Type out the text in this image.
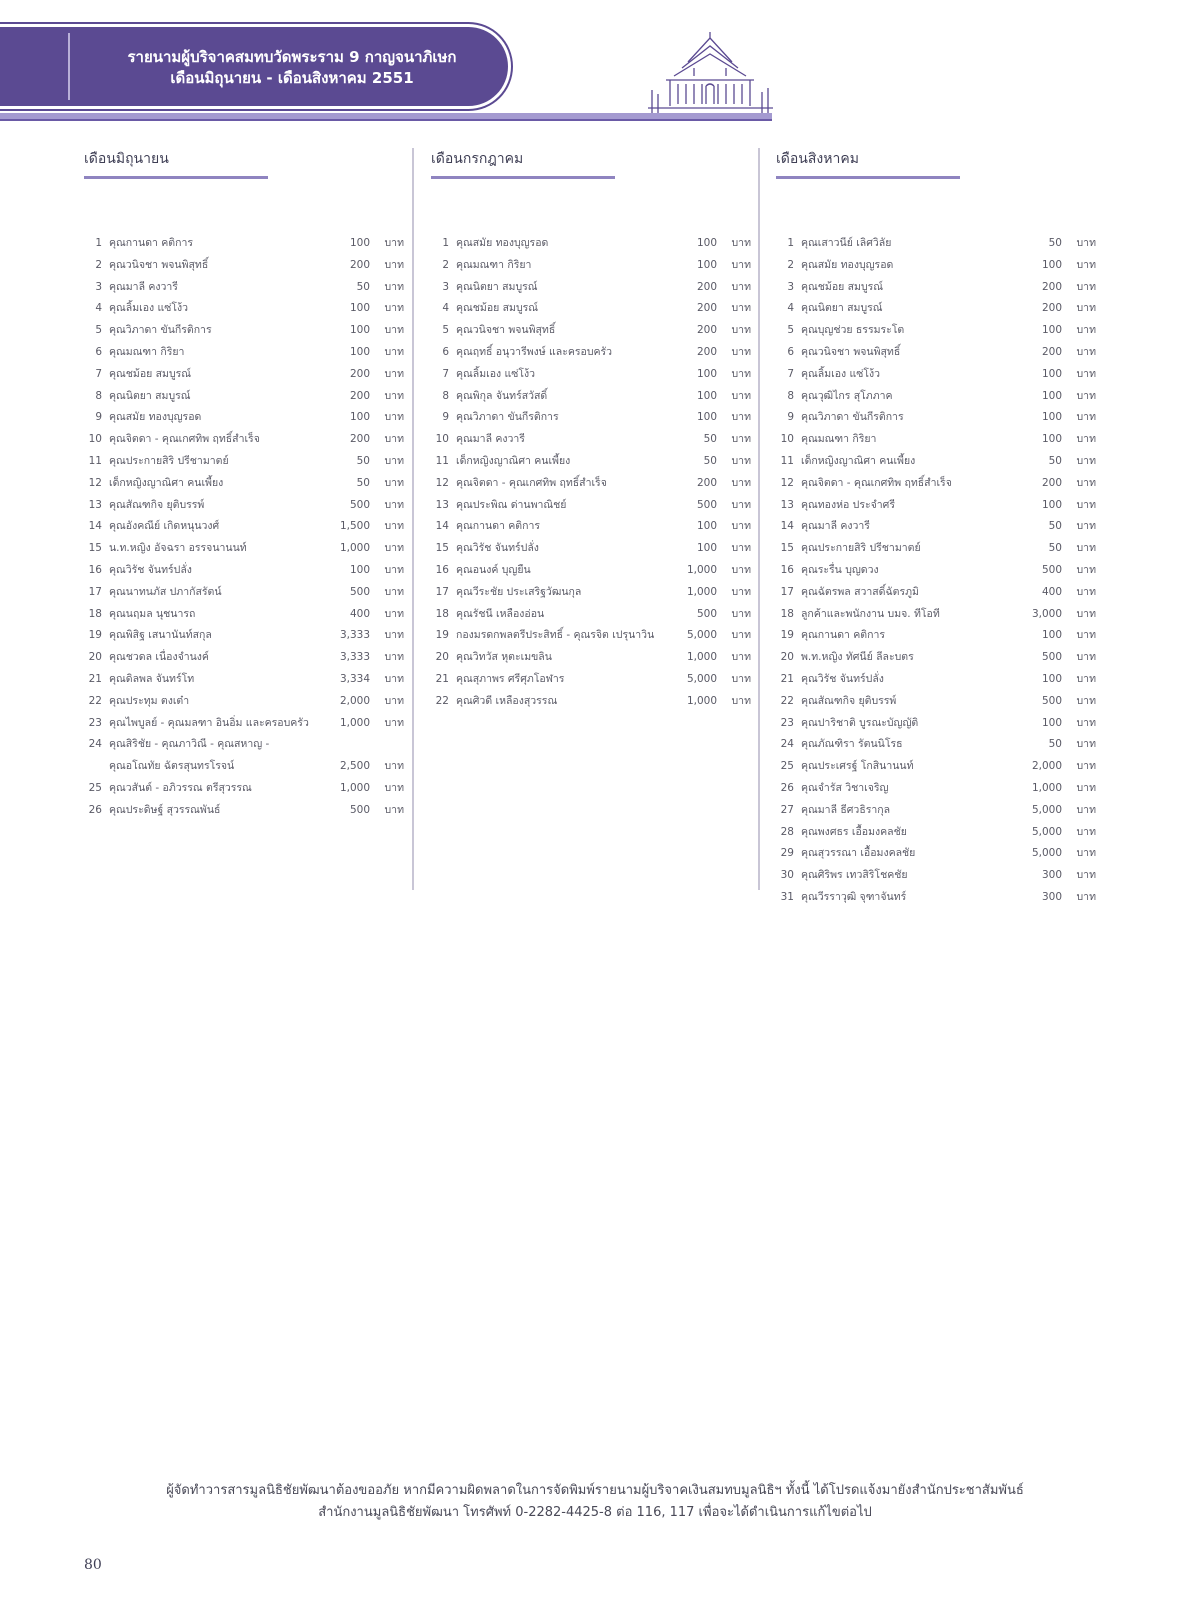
รายนามผู้บริจาคสมทบวัดพระราม 9 กาญจนาภิเษก
เดือนมิถุนายน - เดือนสิงหาคม 2551
เดือนมิถุนายน
1 คุณกานดา คติการ	100	บาท
2 คุณวนิจชา พจนพิสุทธิ์	200	บาท
3 คุณมาลี คงวารี	50	บาท
4 คุณลิ้มเอง แซ่โง้ว	100	บาท
5 คุณวิภาดา ขันกีรติการ	100	บาท
6 คุณมณฑา กิริยา	100	บาท
7 คุณชม้อย สมบูรณ์	200	บาท
8 คุณนิตยา สมบูรณ์	200	บาท
9 คุณสมัย ทองบุญรอด	100	บาท
10 คุณจิตดา - คุณเกศทิพ ฤทธิ์สำเร็จ	200	บาท
11 คุณประกายสิริ ปรีชามาตย์	50	บาท
12 เด็กหญิงญาณิศา คนเพี้ยง	50	บาท
13 คุณสัณฑกิจ ยุติบรรพ์	500	บาท
14 คุณอังคณีย์ เกิดหนุนวงศ์	1,500	บาท
15 น.ท.หญิง อัจฉรา อรรจนานนท์	1,000	บาท
16 คุณวิรัช จันทร์ปลั่ง	100	บาท
17 คุณนาทนภัส ปภากัสรัตน์	500	บาท
18 คุณนฤมล นุชนารถ	400	บาท
19 คุณพิสิฐ เสนานันท์สกุล	3,333	บาท
20 คุณชวดล เนื่องจำนงค์	3,333	บาท
21 คุณดิลพล จันทร์โท	3,334	บาท
22 คุณประทุม ตงเต๋า	2,000	บาท
23 คุณไพบูลย์ - คุณมลฑา อินอิ่ม และครอบครัว	1,000	บาท
24 คุณสิริชัย - คุณภาวิณี - คุณสหาญ -
คุณอโณทัย ฉัตรสุนทรโรจน์	2,500	บาท
25 คุณวสันต์ - อภิวรรณ ตรีสุวรรณ	1,000	บาท
26 คุณประดิษฐ์ สุวรรณพันธ์	500	บาท
เดือนกรกฎาคม
1 คุณสมัย ทองบุญรอด	100	บาท
2 คุณมณฑา กิริยา	100	บาท
3 คุณนิตยา สมบูรณ์	200	บาท
4 คุณชม้อย สมบูรณ์	200	บาท
5 คุณวนิจชา พจนพิสุทธิ์	200	บาท
6 คุณฤทธิ์ อนุวารีพงษ์ และครอบครัว	200	บาท
7 คุณลิ้มเอง แซ่โง้ว	100	บาท
8 คุณพิกุล จันทร์สวัสดิ์	100	บาท
9 คุณวิภาดา ขันกีรติการ	100	บาท
10 คุณมาลี คงวารี	50	บาท
11 เด็กหญิงญาณิศา คนเพี้ยง	50	บาท
12 คุณจิตดา - คุณเกศทิพ ฤทธิ์สำเร็จ	200	บาท
13 คุณประพิณ ด่านพาณิชย์	500	บาท
14 คุณกานดา คติการ	100	บาท
15 คุณวิรัช จันทร์ปลั่ง	100	บาท
16 คุณอนงค์ บุญยืน	1,000	บาท
17 คุณวีระชัย ประเสริฐวัฒนกุล	1,000	บาท
18 คุณรัชนี เหลืองอ่อน	500	บาท
19 กองมรดกพลตรีประสิทธิ์ - คุณรจิต เปรุนาวิน	5,000	บาท
20 คุณวิทวัส หุตะเมขลิน	1,000	บาท
21 คุณสุภาพร ศรีศุภโอฬาร	5,000	บาท
22 คุณศิวดี เหลืองสุวรรณ	1,000	บาท
เดือนสิงหาคม
1 คุณเสาวนีย์ เลิศวิลัย	50	บาท
2 คุณสมัย ทองบุญรอด	100	บาท
3 คุณชม้อย สมบูรณ์	200	บาท
4 คุณนิตยา สมบูรณ์	200	บาท
5 คุณบุญช่วย ธรรมระโต	100	บาท
6 คุณวนิจชา พจนพิสุทธิ์	200	บาท
7 คุณลิ้มเอง แซ่โง้ว	100	บาท
8 คุณวุฒิไกร สุโภภาค	100	บาท
9 คุณวิภาดา ขันกีรติการ	100	บาท
10 คุณมณฑา กิริยา	100	บาท
11 เด็กหญิงญาณิศา คนเพี้ยง	50	บาท
12 คุณจิตดา - คุณเกศทิพ ฤทธิ์สำเร็จ	200	บาท
13 คุณทองห่อ ประจำศรี	100	บาท
14 คุณมาลี คงวารี	50	บาท
15 คุณประกายสิริ ปรีชามาตย์	50	บาท
16 คุณระรื่น บุญดวง	500	บาท
17 คุณฉัตรพล สวาสดิ์ฉัตรภูมิ	400	บาท
18 ลูกค้าและพนักงาน บมจ. ทีโอที	3,000	บาท
19 คุณกานดา คติการ	100	บาท
20 พ.ท.หญิง ทัศนีย์ ลีละบตร	500	บาท
21 คุณวิรัช จันทร์ปลั่ง	100	บาท
22 คุณสัณฑกิจ ยุติบรรพ์	500	บาท
23 คุณปาริชาติ บูรณะบัญญัติ	100	บาท
24 คุณภัณฑิรา รัตนนิโรธ	50	บาท
25 คุณประเศรฐ์ โกสินานนท์	2,000	บาท
26 คุณจำรัส วิชาเจริญ	1,000	บาท
27 คุณมาลี ธีศวธิรากุล	5,000	บาท
28 คุณพงศธร เอื้อมงคลชัย	5,000	บาท
29 คุณสุวรรณา เอื้อมงคลชัย	5,000	บาท
30 คุณศิริพร เทวสิริโชคชัย	300	บาท
31 คุณวีรราวุฒิ จุฑาจันทร์	300	บาท
ผู้จัดทำวารสารมูลนิธิชัยพัฒนาต้องขออภัย หากมีความผิดพลาดในการจัดพิมพ์รายนามผู้บริจาคเงินสมทบมูลนิธิฯ ทั้งนี้ ได้โปรดแจ้งมายังสำนักประชาสัมพันธ์
สำนักงานมูลนิธิชัยพัฒนา โทรศัพท์ 0-2282-4425-8 ต่อ 116, 117 เพื่อจะได้ดำเนินการแก้ไขต่อไป
80
